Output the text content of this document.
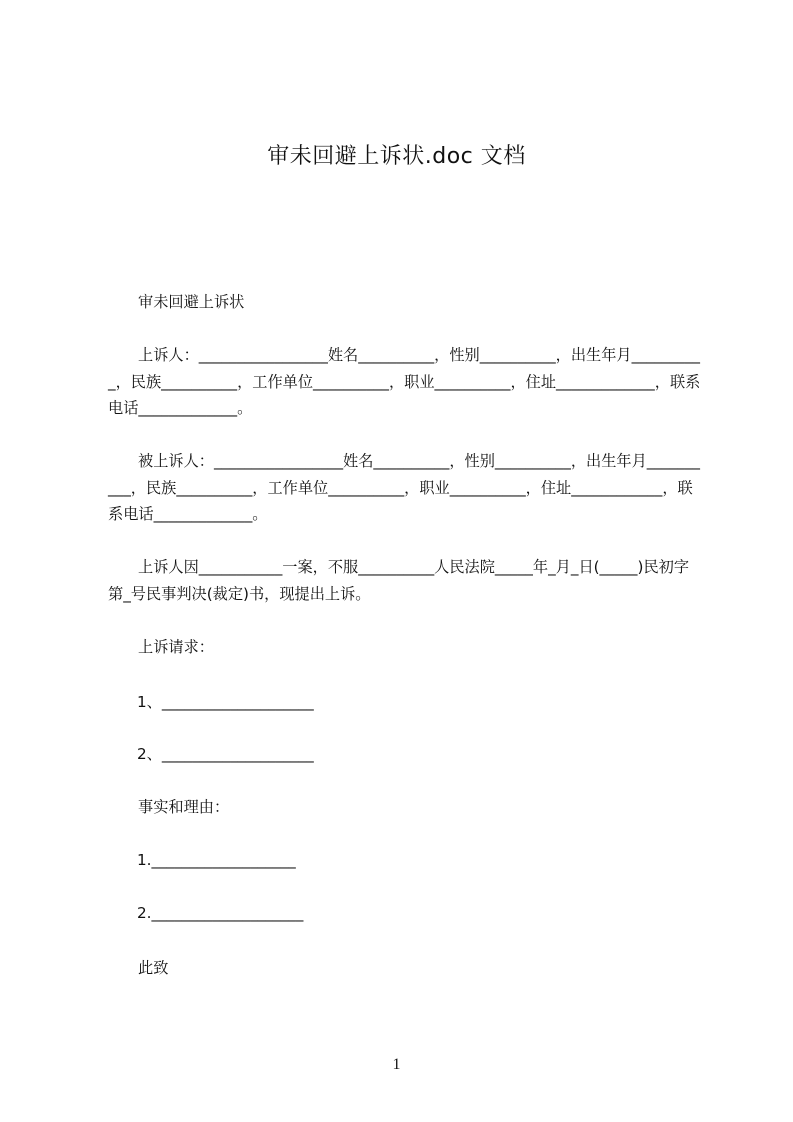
审未回避上诉状.doc 文档
审未回避上诉状
上诉人：_________________姓名__________，性别__________，出生年月__________，民族__________，工作单位__________，职业__________，住址_____________，联系电话_____________。
被上诉人：_________________姓名__________，性别__________，出生年月__________，民族__________，工作单位__________，职业__________，住址____________，联系电话_____________。
上诉人因___________一案，不服__________人民法院_____年_月_日(_____)民初字第_号民事判决(裁定)书，现提出上诉。
上诉请求：
1、____________________
2、____________________
事实和理由：
1.___________________
2.____________________
此致
1
